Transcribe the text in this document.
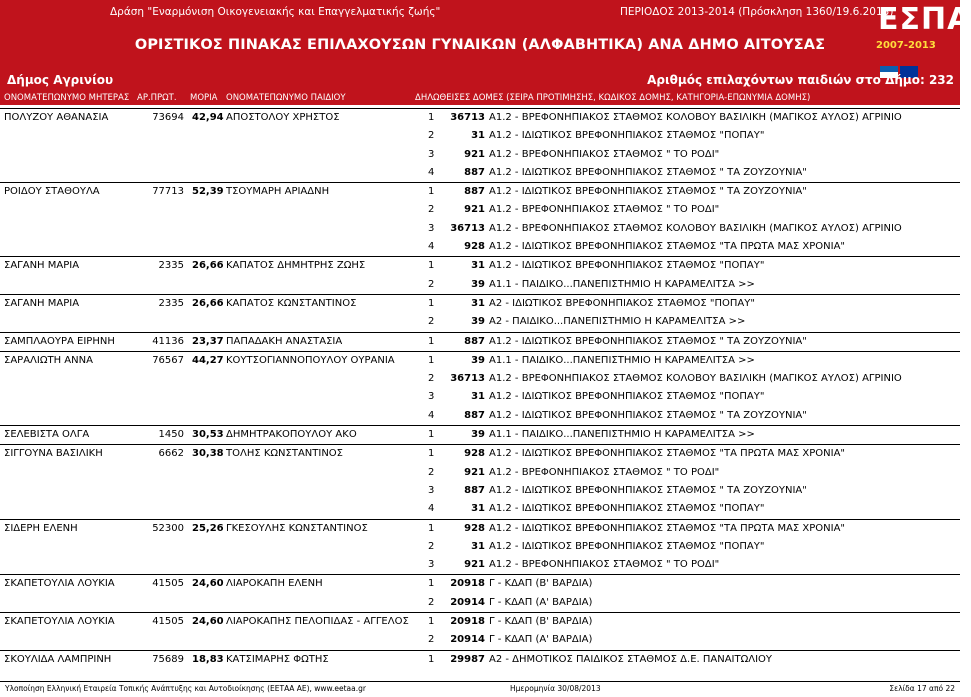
Δράση "Εναρμόνιση Οικογενειακής και Επαγγελματικής ζωής"	ΠΕΡΙΟΔΟΣ 2013-2014 (Πρόσκληση 1360/19.6.2013)
ΟΡΙΣΤΙΚΟΣ ΠΙΝΑΚΑΣ ΕΠΙΛΑΧΟΥΣΩΝ ΓΥΝΑΙΚΩΝ (ΑΛΦΑΒΗΤΙΚΑ) ΑΝΑ ΔΗΜΟ ΑΙΤΟΥΣΑΣ
ΕΣΠΑ
2007-2013
Δήμος Αγρινίου	Αριθμός επιλαχόντων παιδιών στο Δήμο: 232
ΟΝΟΜΑΤΕΠΩΝΥΜΟ ΜΗΤΕΡΑΣ ΑΡ.ΠΡΩΤ. ΜΟΡΙΑ ΟΝΟΜΑΤΕΠΩΝΥΜΟ ΠΑΙΔΙΟΥ	ΔΗΛΩΘΕΙΣΕΣ ΔΟΜΕΣ (ΣΕΙΡΑ ΠΡΟΤΙΜΗΣΗΣ, ΚΩΔΙΚΟΣ ΔΟΜΗΣ, ΚΑΤΗΓΟΡΙΑ-ΕΠΩΝΥΜΙΑ ΔΟΜΗΣ)
ΠΟΛΥΖΟΥ ΑΘΑΝΑΣΙΑ	73694 42,94 ΑΠΟΣΤΟΛΟΥ ΧΡΗΣΤΟΣ	1	36713 Α1.2 - ΒΡΕΦΟΝΗΠΙΑΚΟΣ ΣΤΑΘΜΟΣ ΚΟΛΟΒΟΥ ΒΑΣΙΛΙΚΗ (ΜΑΓΙΚΟΣ ΑΥΛΟΣ) ΑΓΡΙΝΙΟ
2	31 Α1.2 - ΙΔΙΩΤΙΚΟΣ ΒΡΕΦΟΝΗΠΙΑΚΟΣ ΣΤΑΘΜΟΣ "ΠΟΠΑΥ"
3	921 Α1.2 - ΒΡΕΦΟΝΗΠΙΑΚΟΣ ΣΤΑΘΜΟΣ " ΤΟ ΡΟΔΙ"
4	887 Α1.2 - ΙΔΙΩΤΙΚΟΣ ΒΡΕΦΟΝΗΠΙΑΚΟΣ ΣΤΑΘΜΟΣ " ΤΑ ΖΟΥΖΟΥΝΙΑ"
ΡΟΙΔΟΥ ΣΤΑΘΟΥΛΑ	77713 52,39 ΤΣΟΥΜΑΡΗ ΑΡΙΑΔΝΗ	1	887 Α1.2 - ΙΔΙΩΤΙΚΟΣ ΒΡΕΦΟΝΗΠΙΑΚΟΣ ΣΤΑΘΜΟΣ " ΤΑ ΖΟΥΖΟΥΝΙΑ"
2	921 Α1.2 - ΒΡΕΦΟΝΗΠΙΑΚΟΣ ΣΤΑΘΜΟΣ " ΤΟ ΡΟΔΙ"
3	36713 Α1.2 - ΒΡΕΦΟΝΗΠΙΑΚΟΣ ΣΤΑΘΜΟΣ ΚΟΛΟΒΟΥ ΒΑΣΙΛΙΚΗ (ΜΑΓΙΚΟΣ ΑΥΛΟΣ) ΑΓΡΙΝΙΟ
4	928 Α1.2 - ΙΔΙΩΤΙΚΟΣ ΒΡΕΦΟΝΗΠΙΑΚΟΣ ΣΤΑΘΜΟΣ "ΤΑ ΠΡΩΤΑ ΜΑΣ ΧΡΟΝΙΑ"
ΣΑΓΑΝΗ ΜΑΡΙΑ	2335 26,66 ΚΑΠΑΤΟΣ ΔΗΜΗΤΡΗΣ ΖΩΗΣ	1	31 Α1.2 - ΙΔΙΩΤΙΚΟΣ ΒΡΕΦΟΝΗΠΙΑΚΟΣ ΣΤΑΘΜΟΣ "ΠΟΠΑΥ"
2	39 Α1.1 - ΠΑΙΔΙΚΟ...ΠΑΝΕΠΙΣΤΗΜΙΟ Η ΚΑΡΑΜΕΛΙΤΣΑ >>
ΣΑΓΑΝΗ ΜΑΡΙΑ	2335 26,66 ΚΑΠΑΤΟΣ ΚΩΝΣΤΑΝΤΙΝΟΣ	1	31 Α2 - ΙΔΙΩΤΙΚΟΣ ΒΡΕΦΟΝΗΠΙΑΚΟΣ ΣΤΑΘΜΟΣ "ΠΟΠΑΥ"
2	39 Α2 - ΠΑΙΔΙΚΟ...ΠΑΝΕΠΙΣΤΗΜΙΟ Η ΚΑΡΑΜΕΛΙΤΣΑ >>
ΣΑΜΠΛΑΟΥΡΑ ΕΙΡΗΝΗ	41136 23,37 ΠΑΠΑΔΑΚΗ ΑΝΑΣΤΑΣΙΑ	1	887 Α1.2 - ΙΔΙΩΤΙΚΟΣ ΒΡΕΦΟΝΗΠΙΑΚΟΣ ΣΤΑΘΜΟΣ " ΤΑ ΖΟΥΖΟΥΝΙΑ"
ΣΑΡΑΛΙΩΤΗ ΑΝΝΑ	76567 44,27 ΚΟΥΤΣΟΓΙΑΝΝΟΠΟΥΛΟΥ ΟΥΡΑΝΙΑ	1	39 Α1.1 - ΠΑΙΔΙΚΟ...ΠΑΝΕΠΙΣΤΗΜΙΟ Η ΚΑΡΑΜΕΛΙΤΣΑ >>
2	36713 Α1.2 - ΒΡΕΦΟΝΗΠΙΑΚΟΣ ΣΤΑΘΜΟΣ ΚΟΛΟΒΟΥ ΒΑΣΙΛΙΚΗ (ΜΑΓΙΚΟΣ ΑΥΛΟΣ) ΑΓΡΙΝΙΟ
3	31 Α1.2 - ΙΔΙΩΤΙΚΟΣ ΒΡΕΦΟΝΗΠΙΑΚΟΣ ΣΤΑΘΜΟΣ "ΠΟΠΑΥ"
4	887 Α1.2 - ΙΔΙΩΤΙΚΟΣ ΒΡΕΦΟΝΗΠΙΑΚΟΣ ΣΤΑΘΜΟΣ " ΤΑ ΖΟΥΖΟΥΝΙΑ"
ΣΕΛΕΒΙΣΤΑ ΟΛΓΑ	1450 30,53 ΔΗΜΗΤΡΑΚΟΠΟΥΛΟΥ ΑΚΟ	1	39 Α1.1 - ΠΑΙΔΙΚΟ...ΠΑΝΕΠΙΣΤΗΜΙΟ Η ΚΑΡΑΜΕΛΙΤΣΑ >>
ΣΙΓΓΟΥΝΑ ΒΑΣΙΛΙΚΗ	6662 30,38 ΤΟΛΗΣ ΚΩΝΣΤΑΝΤΙΝΟΣ	1	928 Α1.2 - ΙΔΙΩΤΙΚΟΣ ΒΡΕΦΟΝΗΠΙΑΚΟΣ ΣΤΑΘΜΟΣ "ΤΑ ΠΡΩΤΑ ΜΑΣ ΧΡΟΝΙΑ"
2	921 Α1.2 - ΒΡΕΦΟΝΗΠΙΑΚΟΣ ΣΤΑΘΜΟΣ " ΤΟ ΡΟΔΙ"
3	887 Α1.2 - ΙΔΙΩΤΙΚΟΣ ΒΡΕΦΟΝΗΠΙΑΚΟΣ ΣΤΑΘΜΟΣ " ΤΑ ΖΟΥΖΟΥΝΙΑ"
4	31 Α1.2 - ΙΔΙΩΤΙΚΟΣ ΒΡΕΦΟΝΗΠΙΑΚΟΣ ΣΤΑΘΜΟΣ "ΠΟΠΑΥ"
ΣΙΔΕΡΗ ΕΛΕΝΗ	52300 25,26 ΓΚΕΣΟΥΛΗΣ ΚΩΝΣΤΑΝΤΙΝΟΣ	1	928 Α1.2 - ΙΔΙΩΤΙΚΟΣ ΒΡΕΦΟΝΗΠΙΑΚΟΣ ΣΤΑΘΜΟΣ "ΤΑ ΠΡΩΤΑ ΜΑΣ ΧΡΟΝΙΑ"
2	31 Α1.2 - ΙΔΙΩΤΙΚΟΣ ΒΡΕΦΟΝΗΠΙΑΚΟΣ ΣΤΑΘΜΟΣ "ΠΟΠΑΥ"
3	921 Α1.2 - ΒΡΕΦΟΝΗΠΙΑΚΟΣ ΣΤΑΘΜΟΣ " ΤΟ ΡΟΔΙ"
ΣΚΑΠΕΤΟΥΛΙΑ ΛΟΥΚΙΑ	41505 24,60 ΛΙΑΡΟΚΑΠΗ ΕΛΕΝΗ	1	20918 Γ - ΚΔΑΠ (Β' ΒΑΡΔΙΑ)
2	20914 Γ - ΚΔΑΠ (Α' ΒΑΡΔΙΑ)
ΣΚΑΠΕΤΟΥΛΙΑ ΛΟΥΚΙΑ	41505 24,60 ΛΙΑΡΟΚΑΠΗΣ ΠΕΛΟΠΙΔΑΣ - ΑΓΓΕΛΟΣ 1	20918 Γ - ΚΔΑΠ (Β' ΒΑΡΔΙΑ)
2	20914 Γ - ΚΔΑΠ (Α' ΒΑΡΔΙΑ)
ΣΚΟΥΛΙΔΑ ΛΑΜΠΡΙΝΗ	75689 18,83 ΚΑΤΣΙΜΑΡΗΣ ΦΩΤΗΣ	1	29987 Α2 - ΔΗΜΟΤΙΚΟΣ ΠΑΙΔΙΚΟΣ ΣΤΑΘΜΟΣ Δ.Ε. ΠΑΝΑΙΤΩΛΙΟΥ
Υλοποίηση Ελληνική Εταιρεία Τοπικής Ανάπτυξης και Αυτοδιοίκησης (ΕΕΤΑΑ ΑΕ), www.eetaa.gr	Ημερομηνία 30/08/2013	Σελίδα 17 από 22
